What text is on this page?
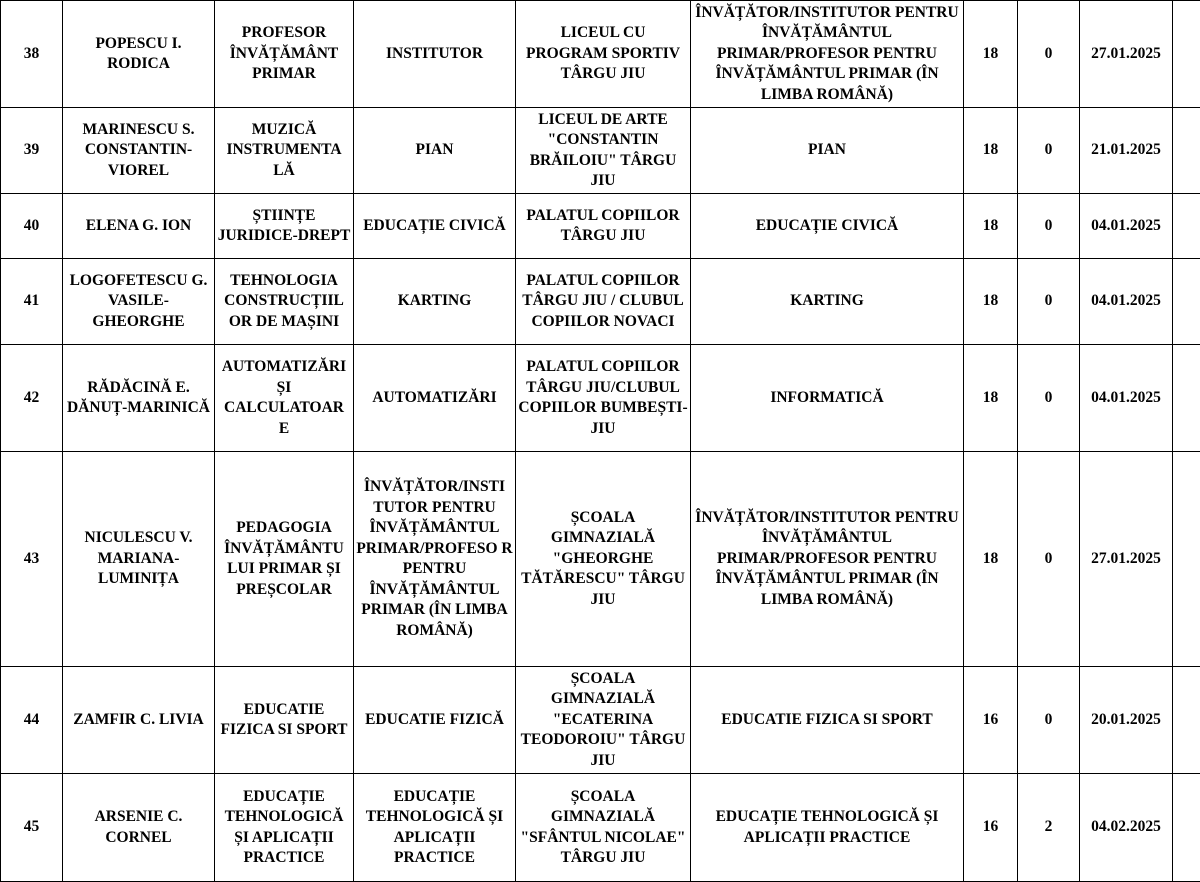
38	POPESCU I. RODICA	PROFESOR ÎNVĂȚĂMÂNT PRIMAR	INSTITUTOR	LICEUL CU PROGRAM SPORTIV TÂRGU JIU	ÎNVĂȚĂTOR/INSTITUTOR PENTRU ÎNVĂȚĂMÂNTUL PRIMAR/PROFESOR PENTRU ÎNVĂȚĂMÂNTUL PRIMAR (ÎN LIMBA ROMÂNĂ)	18	0	27.01.2025	
39	MARINESCU S. CONSTANTIN-VIOREL	MUZICĂ INSTRUMENTA LĂ	PIAN	LICEUL DE ARTE "CONSTANTIN BRĂILOIU" TÂRGU JIU	PIAN	18	0	21.01.2025	
40	ELENA G. ION	ȘTIINȚE JURIDICE-DREPT	EDUCAȚIE CIVICĂ	PALATUL COPIILOR TÂRGU JIU	EDUCAȚIE CIVICĂ	18	0	04.01.2025	
41	LOGOFETESCU G. VASILE-GHEORGHE	TEHNOLOGIA CONSTRUCȚIIL OR DE MAȘINI	KARTING	PALATUL COPIILOR TÂRGU JIU / CLUBUL COPIILOR NOVACI	KARTING	18	0	04.01.2025	
42	RĂDĂCINĂ E. DĂNUȚ-MARINICĂ	AUTOMATIZĂRI ȘI CALCULATOAR E	AUTOMATIZĂRI	PALATUL COPIILOR TÂRGU JIU/CLUBUL COPIILOR BUMBEȘTI-JIU	INFORMATICĂ	18	0	04.01.2025	
43	NICULESCU V. MARIANA-LUMINIȚA	PEDAGOGIA ÎNVĂȚĂMÂNTU LUI PRIMAR ȘI PREȘCOLAR	ÎNVĂȚĂTOR/INSTI TUTOR PENTRU ÎNVĂȚĂMÂNTUL PRIMAR/PROFESO R PENTRU ÎNVĂȚĂMÂNTUL PRIMAR (ÎN LIMBA ROMÂNĂ)	ȘCOALA GIMNAZIALĂ "GHEORGHE TĂTĂRESCU" TÂRGU JIU	ÎNVĂȚĂTOR/INSTITUTOR PENTRU ÎNVĂȚĂMÂNTUL PRIMAR/PROFESOR PENTRU ÎNVĂȚĂMÂNTUL PRIMAR (ÎN LIMBA ROMÂNĂ)	18	0	27.01.2025	
44	ZAMFIR C. LIVIA	EDUCATIE FIZICA SI SPORT	EDUCATIE FIZICĂ	ȘCOALA GIMNAZIALĂ "ECATERINA TEODOROIU" TÂRGU JIU	EDUCATIE FIZICA SI SPORT	16	0	20.01.2025	
45	ARSENIE C. CORNEL	EDUCAȚIE TEHNOLOGICĂ ȘI APLICAȚII PRACTICE	EDUCAȚIE TEHNOLOGICĂ ȘI APLICAȚII PRACTICE	ȘCOALA GIMNAZIALĂ "SFÂNTUL NICOLAE" TÂRGU JIU	EDUCAȚIE TEHNOLOGICĂ ȘI APLICAȚII PRACTICE	16	2	04.02.2025	
